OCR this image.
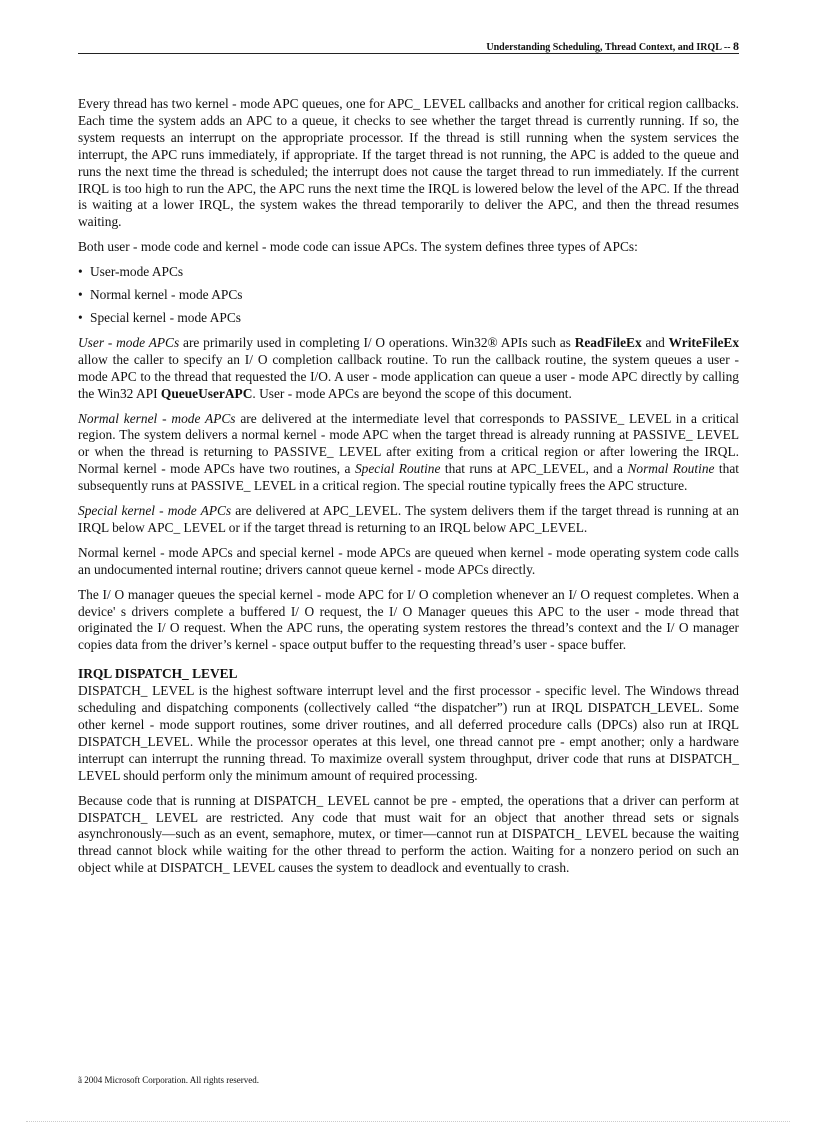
Understanding Scheduling, Thread Context, and IRQL -- 8

Every thread has two kernel - mode APC queues, one for APC_ LEVEL callbacks and another for critical region callbacks. Each time the system adds an APC to a queue, it checks to see whether the target thread is currently running. If so, the system requests an interrupt on the appropriate processor. If the thread is still running when the system services the interrupt, the APC runs immediately, if appropriate. If the target thread is not running, the APC is added to the queue and runs the next time the thread is scheduled; the interrupt does not cause the target thread to run immediately. If the current IRQL is too high to run the APC, the APC runs the next time the IRQL is lowered below the level of the APC. If the thread is waiting at a lower IRQL, the system wakes the thread temporarily to deliver the APC, and then the thread resumes waiting.

Both user - mode code and kernel - mode code can issue APCs. The system defines three types of APCs:

• User-mode APCs
• Normal kernel - mode APCs
• Special kernel - mode APCs

User - mode APCs are primarily used in completing I/ O operations. Win32® APIs such as ReadFileEx and WriteFileEx allow the caller to specify an I/ O completion callback routine. To run the callback routine, the system queues a user - mode APC to the thread that requested the I/O. A user - mode application can queue a user - mode APC directly by calling the Win32 API QueueUserAPC. User - mode APCs are beyond the scope of this document.

Normal kernel - mode APCs are delivered at the intermediate level that corresponds to PASSIVE_ LEVEL in a critical region. The system delivers a normal kernel - mode APC when the target thread is already running at PASSIVE_ LEVEL or when the thread is returning to PASSIVE_ LEVEL after exiting from a critical region or after lowering the IRQL. Normal kernel - mode APCs have two routines, a Special Routine that runs at APC_LEVEL, and a Normal Routine that subsequently runs at PASSIVE_ LEVEL in a critical region. The special routine typically frees the APC structure.

Special kernel - mode APCs are delivered at APC_LEVEL. The system delivers them if the target thread is running at an IRQL below APC_ LEVEL or if the target thread is returning to an IRQL below APC_LEVEL.

Normal kernel - mode APCs and special kernel - mode APCs are queued when kernel - mode operating system code calls an undocumented internal routine; drivers cannot queue kernel - mode APCs directly.

The I/ O manager queues the special kernel - mode APC for I/ O completion whenever an I/ O request completes. When a device' s drivers complete a buffered I/ O request, the I/ O Manager queues this APC to the user - mode thread that originated the I/ O request. When the APC runs, the operating system restores the thread’s context and the I/ O manager copies data from the driver’s kernel - space output buffer to the requesting thread’s user - space buffer.

IRQL DISPATCH_ LEVEL

DISPATCH_ LEVEL is the highest software interrupt level and the first processor - specific level. The Windows thread scheduling and dispatching components (collectively called “the dispatcher”) run at IRQL DISPATCH_LEVEL. Some other kernel - mode support routines, some driver routines, and all deferred procedure calls (DPCs) also run at IRQL DISPATCH_LEVEL. While the processor operates at this level, one thread cannot pre - empt another; only a hardware interrupt can interrupt the running thread. To maximize overall system throughput, driver code that runs at DISPATCH_ LEVEL should perform only the minimum amount of required processing.

Because code that is running at DISPATCH_ LEVEL cannot be pre - empted, the operations that a driver can perform at DISPATCH_ LEVEL are restricted. Any code that must wait for an object that another thread sets or signals asynchronously—such as an event, semaphore, mutex, or timer—cannot run at DISPATCH_ LEVEL because the waiting thread cannot block while waiting for the other thread to perform the action. Waiting for a nonzero period on such an object while at DISPATCH_ LEVEL causes the system to deadlock and eventually to crash.

ã 2004 Microsoft Corporation. All rights reserved.
